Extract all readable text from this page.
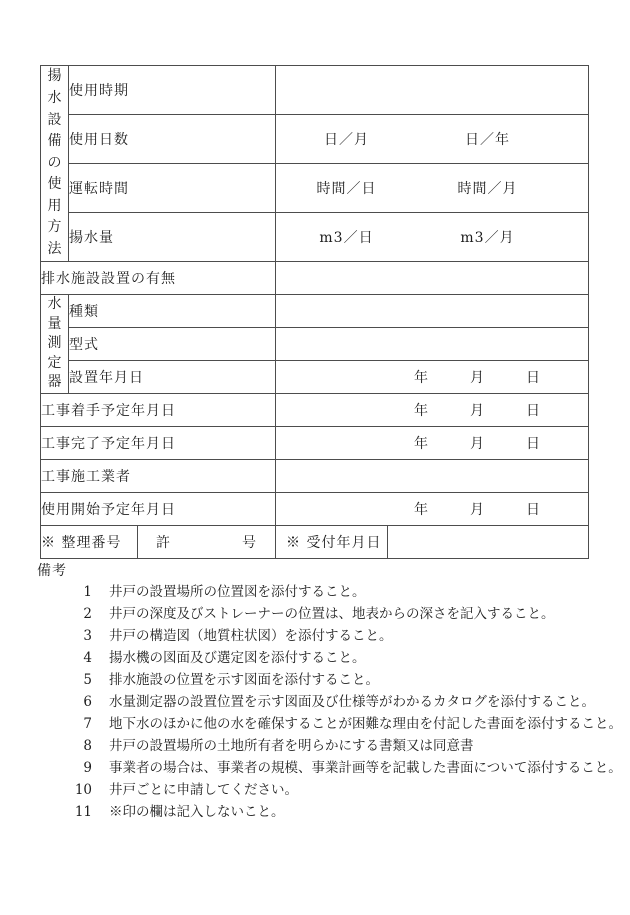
揚水設備の使用方法	使用時期			
	使用日数		日／月 日／年	

	運転時間		時間／日 時間／月	

	揚水量		m3／日 m3／月	

排水施設設置の有無				

水量測定器	種類			
	型式			
	設置年月日		年 月 日	

工事着手予定年月日			年 月 日	

工事完了予定年月日			年 月 日	

工事施工業者				
使用開始予定年月日			年 月 日	

※ 整理番号		許 号	※ 受付年月日	
備考
1 井戸の設置場所の位置図を添付すること。
2 井戸の深度及びストレーナーの位置は、地表からの深さを記入すること。
3 井戸の構造図（地質柱状図）を添付すること。
4 揚水機の図面及び選定図を添付すること。
5 排水施設の位置を示す図面を添付すること。
6 水量測定器の設置位置を示す図面及び仕様等がわかるカタログを添付すること。
7 地下水のほかに他の水を確保することが困難な理由を付記した書面を添付すること。
8 井戸の設置場所の土地所有者を明らかにする書類又は同意書
9 事業者の場合は、事業者の規模、事業計画等を記載した書面について添付すること。
10 井戸ごとに申請してください。
11 ※印の欄は記入しないこと。
